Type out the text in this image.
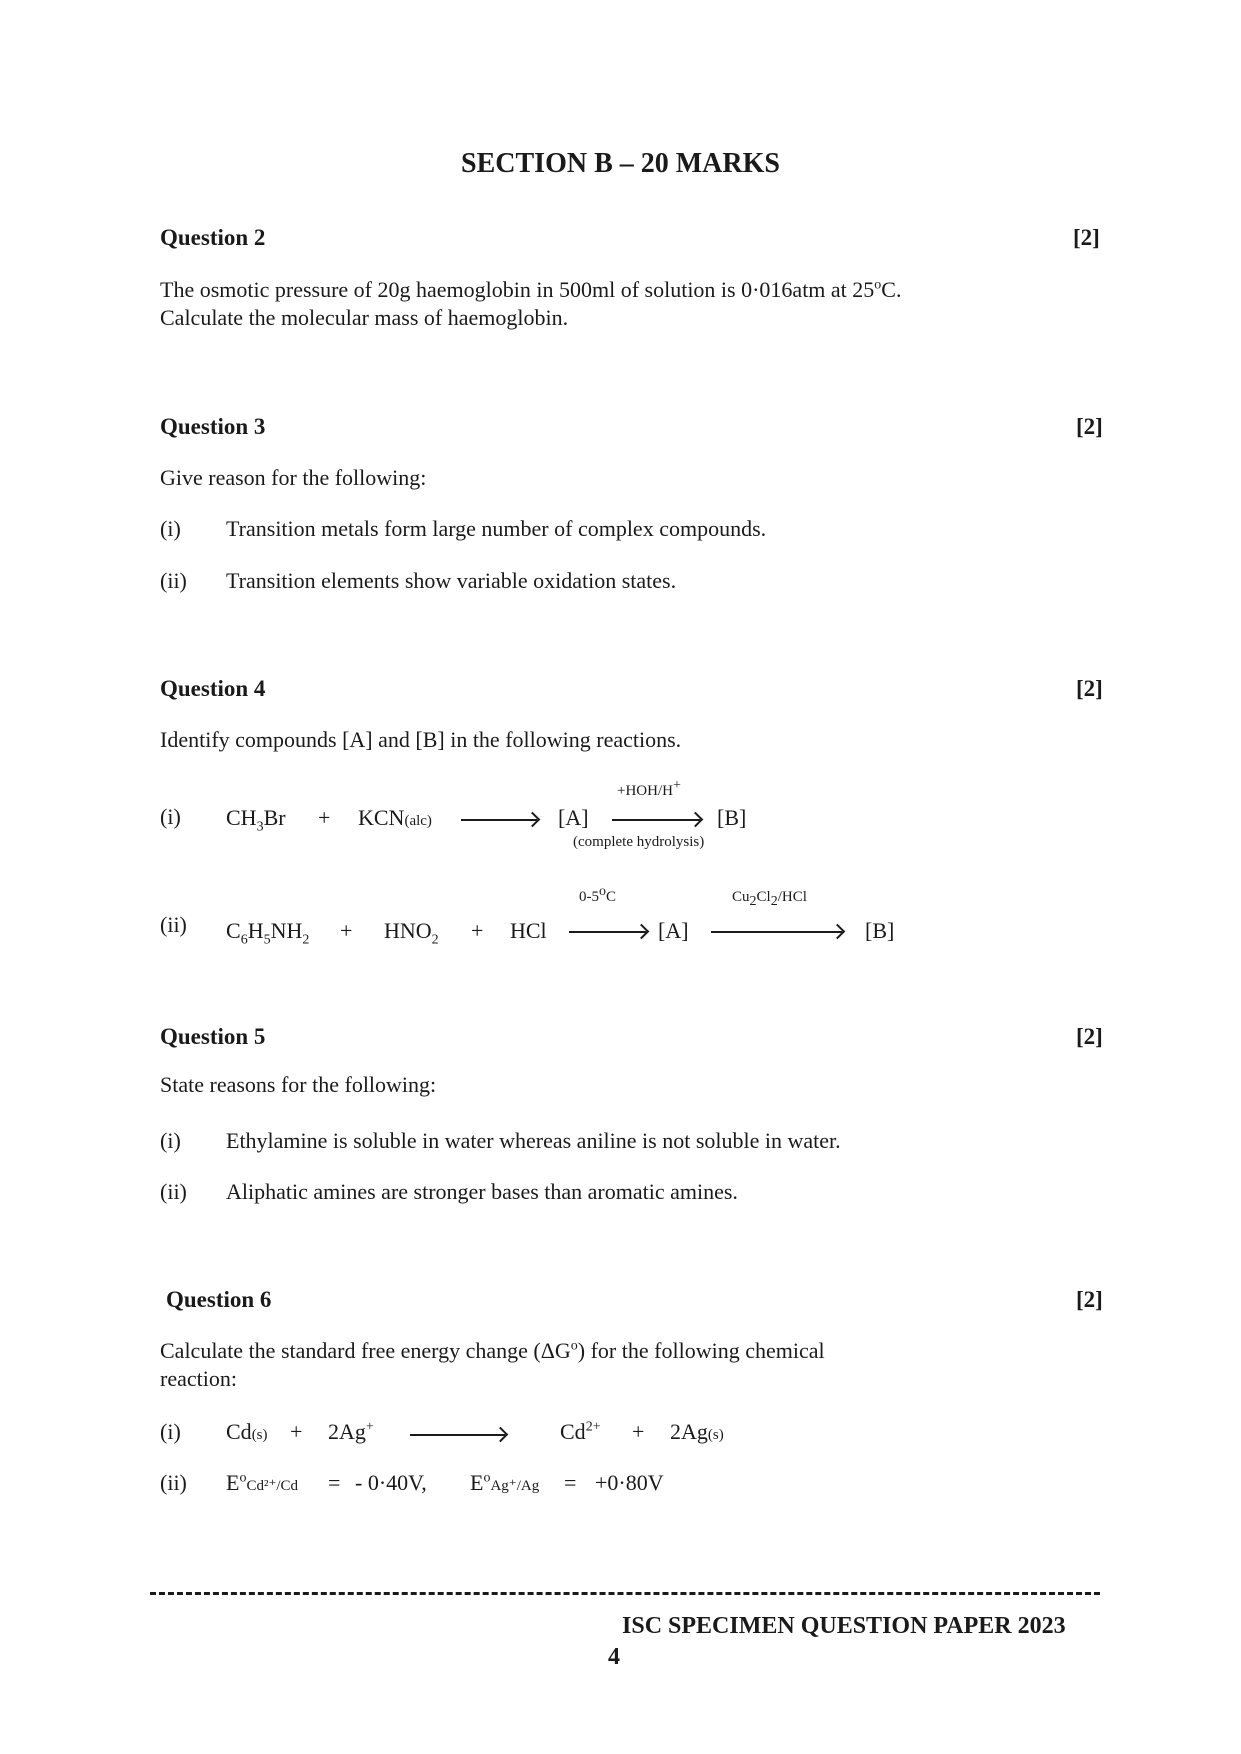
SECTION B – 20 MARKS
Question 2	[2]
The osmotic pressure of 20g haemoglobin in 500ml of solution is 0·016atm at 25$^o$C.
Calculate the molecular mass of haemoglobin.
Question 3	[2]
Give reason for the following:
(i) Transition metals form large number of complex compounds.
(ii) Transition elements show variable oxidation states.
Question 4	[2]
Identify compounds [A] and [B] in the following reactions.
(i) $CH_3Br + KCN(alc)$	[A]
+HOH/H+
(complete hydrolysis)
[B]
(ii) $C_6H_5NH_2 + HNO_2$ + HCl
0-5$^o$C
[A]
$Cu_2Cl_2$/HCl
[B]
Question 5	[2]
State reasons for the following:
(i) Ethylamine is soluble in water whereas aniline is not soluble in water.
(ii) Aliphatic amines are stronger bases than aromatic amines.
Question 6	[2]
Calculate the standard free energy change $(\Delta G^o)$ for the following chemical
reaction:
(i) Cd(s) + 2Ag+	$Cd^{2+} + 2Ag(s)$
(ii) $E^oCd^{2+}/Cd$ = - 0·40V, $E^oAg^+/Ag = +0\cdot 80V$
ISC SPECIMEN QUESTION PAPER 2023
4
